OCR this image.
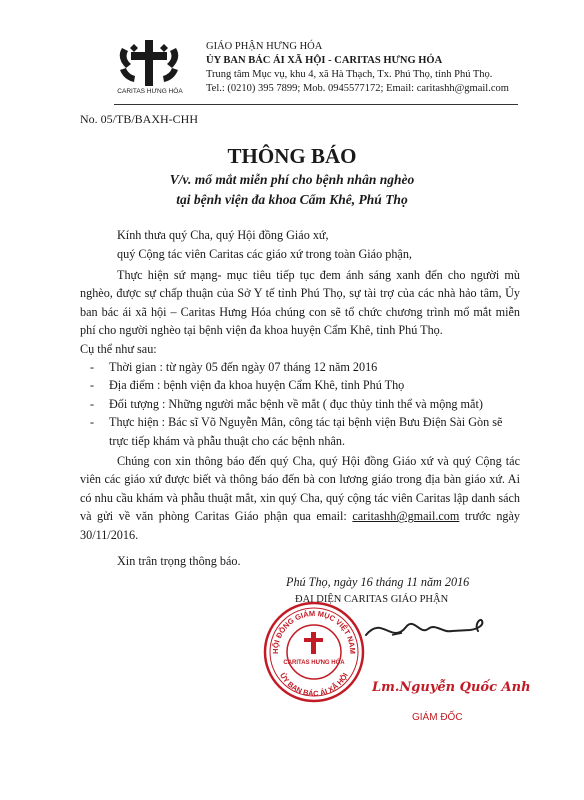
CARITAS HƯNG HÓA
GIÁO PHẬN HƯNG HÓA
ỦY BAN BÁC ÁI XÃ HỘI - CARITAS HƯNG HÓA
Trung tâm Mục vụ, khu 4, xã Hà Thạch, Tx. Phú Thọ, tỉnh Phú Thọ.
Tel.: (0210) 395 7899; Mob. 0945577172; Email: caritashh@gmail.com
No. 05/TB/BAXH-CHH
THÔNG BÁO
V/v. mổ mắt miễn phí cho bệnh nhân nghèo
tại bệnh viện đa khoa Cẩm Khê, Phú Thọ
Kính thưa quý Cha, quý Hội đồng Giáo xứ,
quý Cộng tác viên Caritas các giáo xứ trong toàn Giáo phận,

Thực hiện sứ mạng- mục tiêu tiếp tục đem ánh sáng xanh đến cho người mù nghèo, được sự chấp thuận của Sở Y tế tỉnh Phú Thọ, sự tài trợ của các nhà hảo tâm, Ủy ban bác ái xã hội – Caritas Hưng Hóa chúng con sẽ tổ chức chương trình mổ mắt miễn phí cho người nghèo tại bệnh viện đa khoa huyện Cẩm Khê, tỉnh Phú Thọ.

Cụ thể như sau:

- Thời gian : từ ngày 05 đến ngày 07 tháng 12 năm 2016
- Địa điểm : bệnh viện đa khoa huyện Cẩm Khê, tỉnh Phú Thọ
- Đối tượng : Những người mắc bệnh về mắt ( đục thủy tinh thể và mộng mắt)
- Thực hiện : Bác sĩ Võ Nguyễn Mân, công tác tại bệnh viện Bưu Điện Sài Gòn sẽ trực tiếp khám và phẫu thuật cho các bệnh nhân.

Chúng con xin thông báo đến quý Cha, quý Hội đồng Giáo xứ và quý Cộng tác viên các giáo xứ được biết và thông báo đến bà con lương giáo trong địa bàn giáo xứ. Ai có nhu cầu khám và phẫu thuật mắt, xin quý Cha, quý cộng tác viên Caritas lập danh sách và gửi về văn phòng Caritas Giáo phận qua email: caritashh@gmail.com trước ngày 30/11/2016.

Xin trân trọng thông báo.

Phú Thọ, ngày 16 tháng 11 năm 2016
ĐẠI DIỆN CARITAS GIÁO PHẬN
HỘI ĐỒNG GIÁM MỤC VIỆT NAM
ỦY BAN BÁC ÁI XÃ HỘI
CARITAS HƯNG HÓA
Lm.Nguyễn Quốc Anh
GIÁM ĐỐC
